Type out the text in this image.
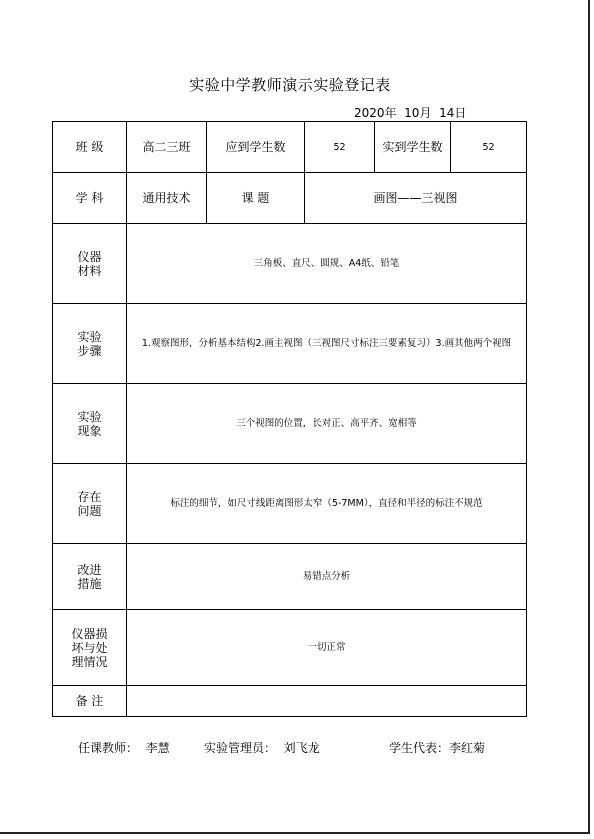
实验中学教师演示实验登记表
2020年  10月  14日
班 级	高二三班	应到学生数	52	实到学生数	52
学 科	通用技术	课 题	画图——三视图		

仪器
材料	三角板、直尺、圆规、A4纸、铅笔				

实验
步骤	1.观察图形，分析基本结构2.画主视图（三视图尺寸标注三要素复习）3.画其他两个视图				

实验
现象	三个视图的位置，长对正、高平齐、宽相等				

存在
问题	标注的细节，如尺寸线距离图形太窄（5-7MM），直径和半径的标注不规范				

改进
措施	易错点分析				

仪器损
坏与处
理情况	一切正常				
备 注					
任课教师：  李慧	实验管理员：  刘飞龙	学生代表：李红菊
